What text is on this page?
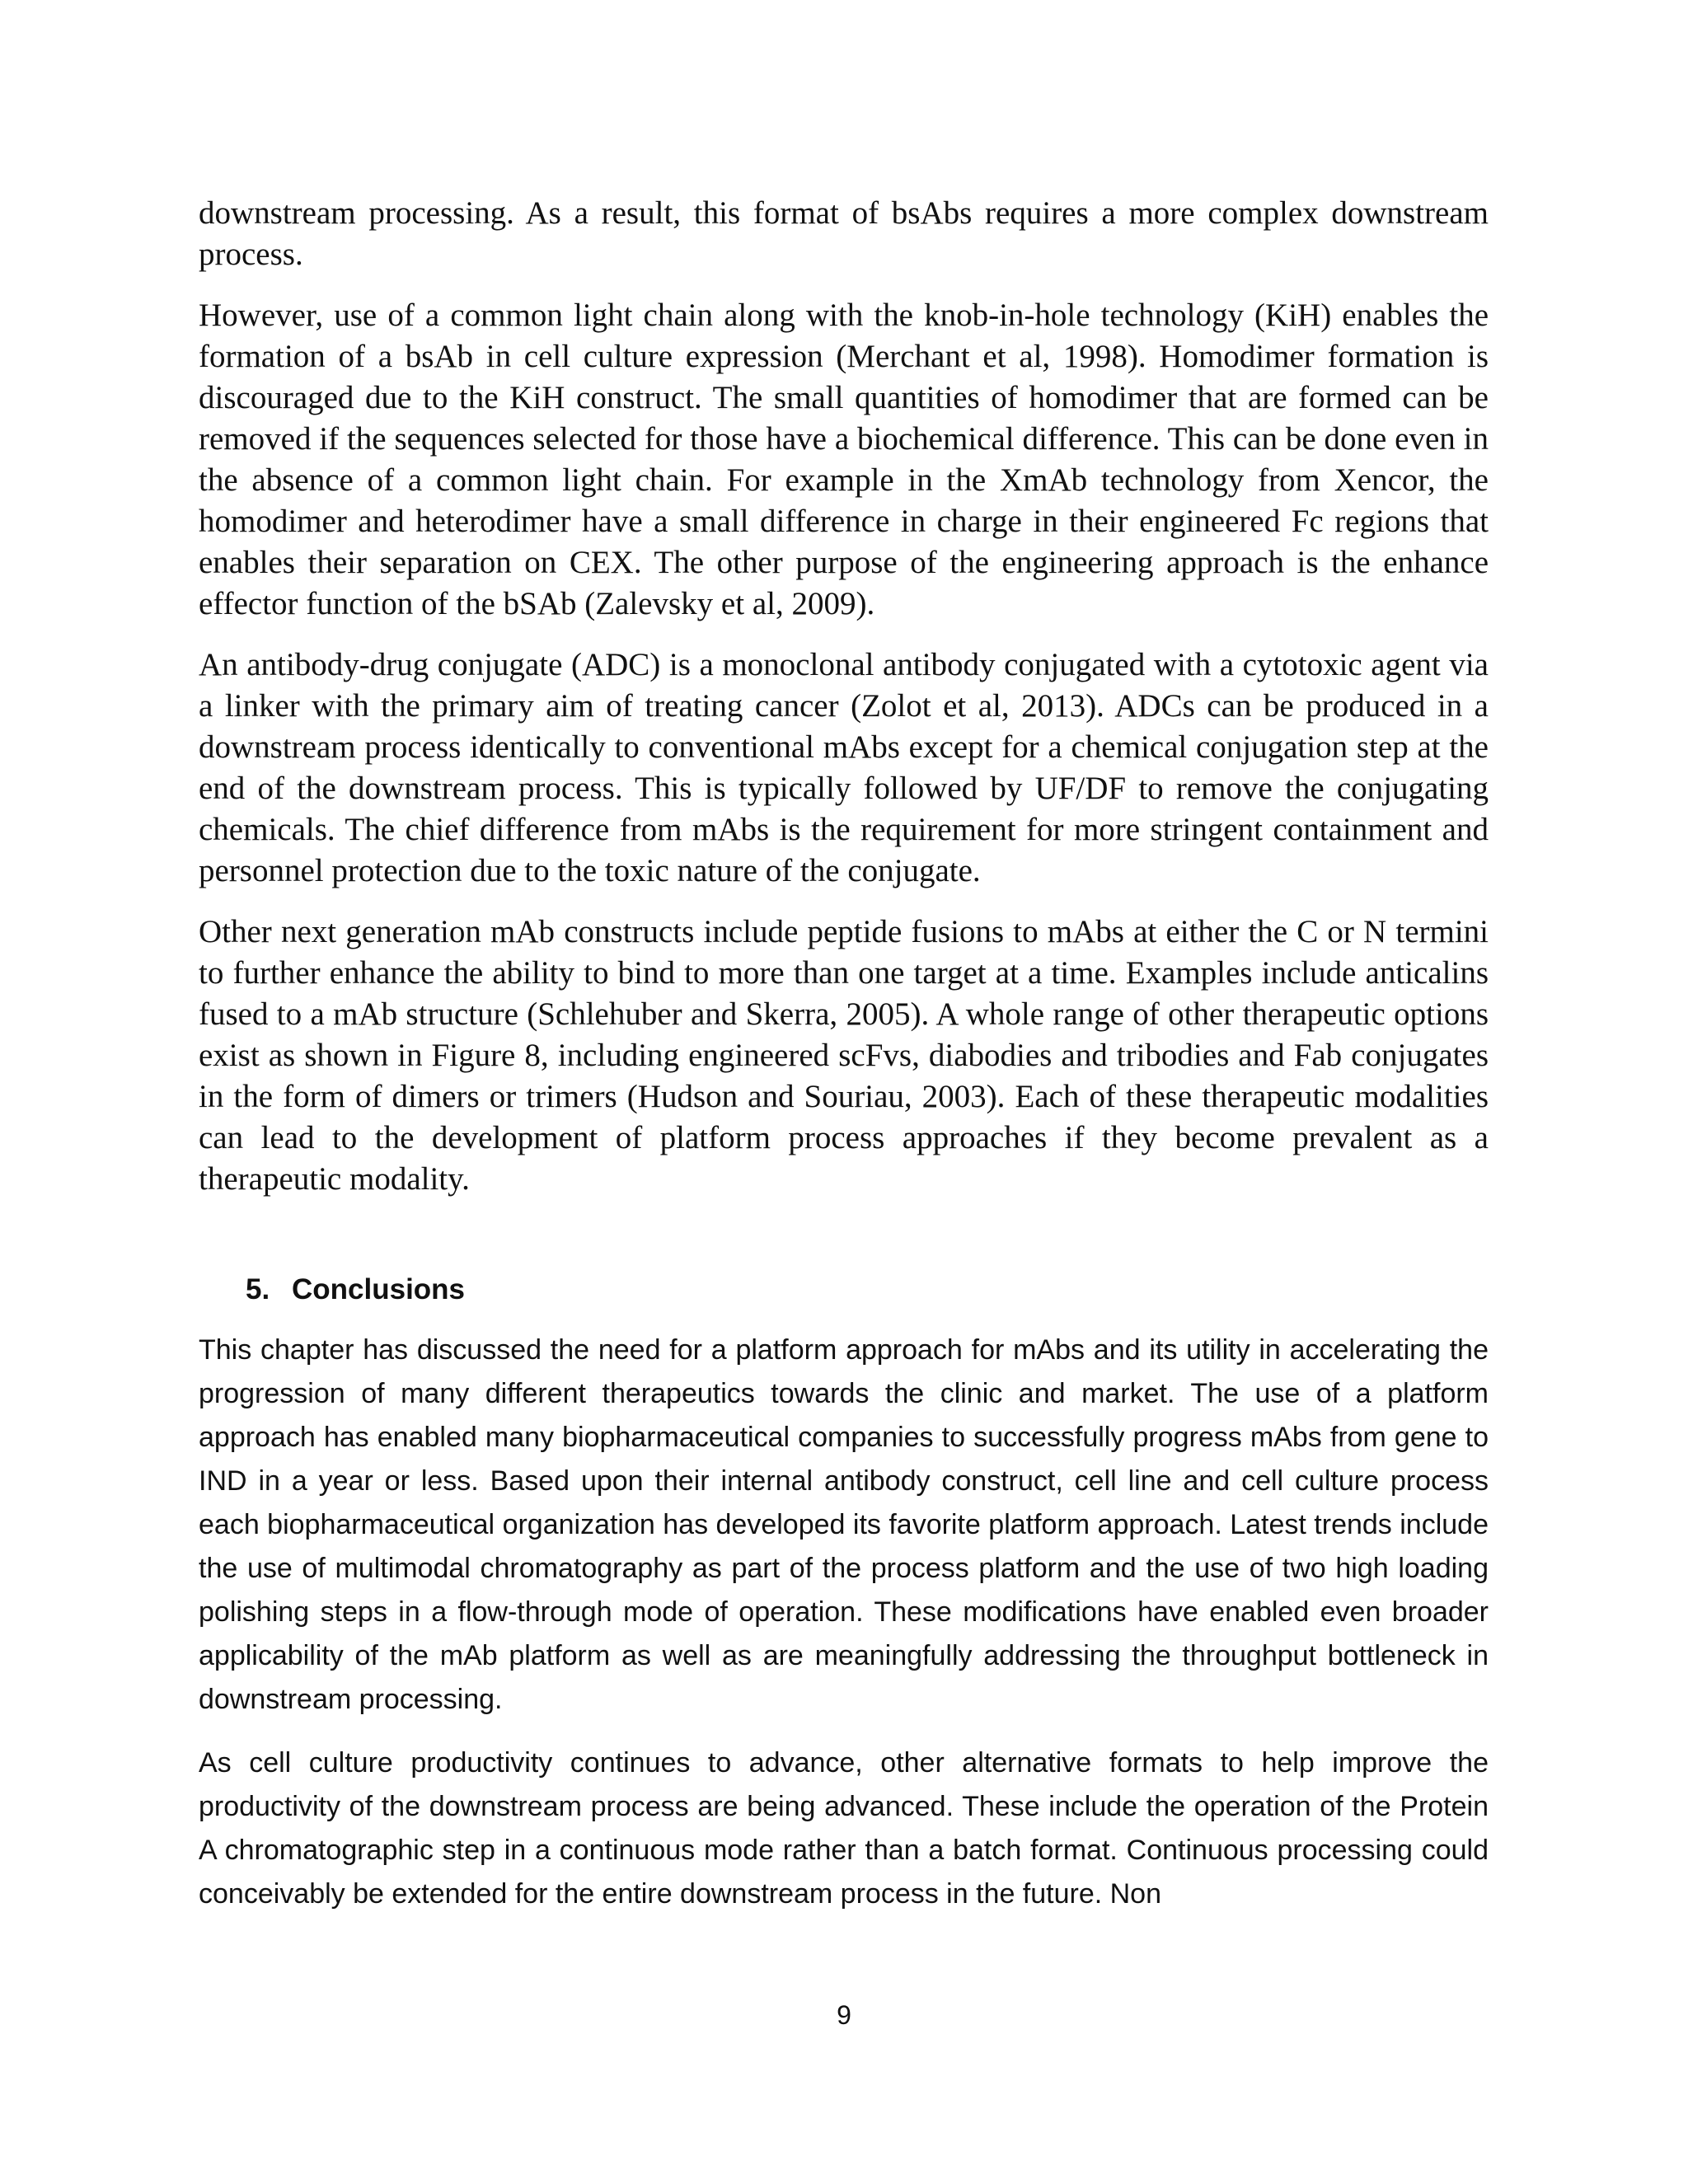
downstream processing. As a result, this format of bsAbs requires a more complex downstream process.

However, use of a common light chain along with the knob-in-hole technology (KiH) enables the formation of a bsAb in cell culture expression (Merchant et al, 1998). Homodimer formation is discouraged due to the KiH construct. The small quantities of homodimer that are formed can be removed if the sequences selected for those have a biochemical difference. This can be done even in the absence of a common light chain. For example in the XmAb technology from Xencor, the homodimer and heterodimer have a small difference in charge in their engineered Fc regions that enables their separation on CEX. The other purpose of the engineering approach is the enhance effector function of the bSAb (Zalevsky et al, 2009).

An antibody-drug conjugate (ADC) is a monoclonal antibody conjugated with a cytotoxic agent via a linker with the primary aim of treating cancer (Zolot et al, 2013). ADCs can be produced in a downstream process identically to conventional mAbs except for a chemical conjugation step at the end of the downstream process. This is typically followed by UF/DF to remove the conjugating chemicals. The chief difference from mAbs is the requirement for more stringent containment and personnel protection due to the toxic nature of the conjugate.

Other next generation mAb constructs include peptide fusions to mAbs at either the C or N termini to further enhance the ability to bind to more than one target at a time. Examples include anticalins fused to a mAb structure (Schlehuber and Skerra, 2005). A whole range of other therapeutic options exist as shown in Figure 8, including engineered scFvs, diabodies and tribodies and Fab conjugates in the form of dimers or trimers (Hudson and Souriau, 2003). Each of these therapeutic modalities can lead to the development of platform process approaches if they become prevalent as a therapeutic modality.

5. Conclusions

This chapter has discussed the need for a platform approach for mAbs and its utility in accelerating the progression of many different therapeutics towards the clinic and market. The use of a platform approach has enabled many biopharmaceutical companies to successfully progress mAbs from gene to IND in a year or less. Based upon their internal antibody construct, cell line and cell culture process each biopharmaceutical organization has developed its favorite platform approach. Latest trends include the use of multimodal chromatography as part of the process platform and the use of two high loading polishing steps in a flow-through mode of operation. These modifications have enabled even broader applicability of the mAb platform as well as are meaningfully addressing the throughput bottleneck in downstream processing.

As cell culture productivity continues to advance, other alternative formats to help improve the productivity of the downstream process are being advanced. These include the operation of the Protein A chromatographic step in a continuous mode rather than a batch format. Continuous processing could conceivably be extended for the entire downstream process in the future. Non

9
